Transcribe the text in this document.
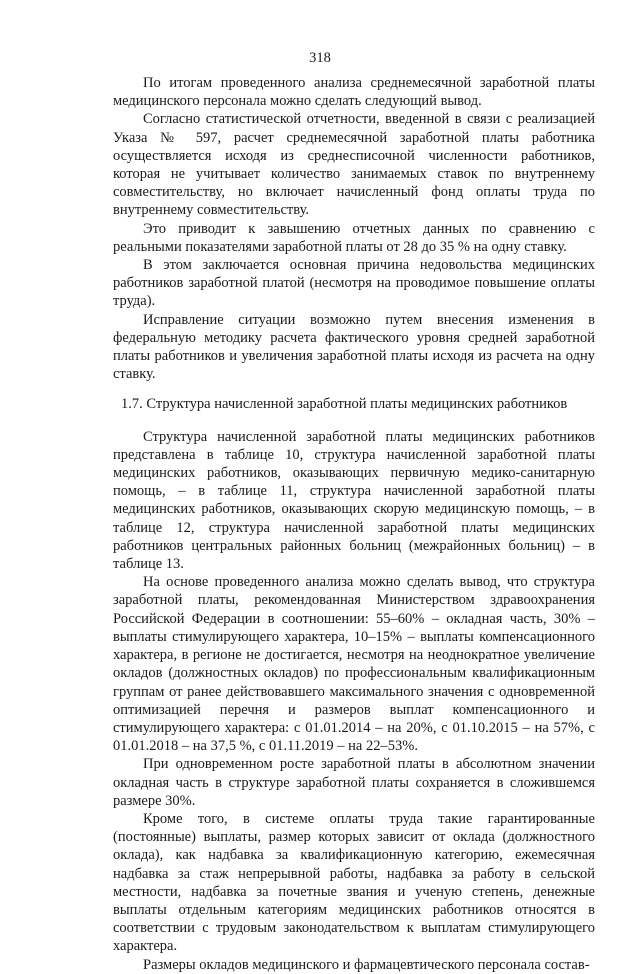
318

По итогам проведенного анализа среднемесячной заработной платы медицинского персонала можно сделать следующий вывод.

Согласно статистической отчетности, введенной в связи с реализацией Указа № 597, расчет среднемесячной заработной платы работника осуществляется исходя из среднесписочной численности работников, которая не учитывает количество занимаемых ставок по внутреннему совместительству, но включает начисленный фонд оплаты труда по внутреннему совместительству.

Это приводит к завышению отчетных данных по сравнению с реальными показателями заработной платы от 28 до 35 % на одну ставку.

В этом заключается основная причина недовольства медицинских работников заработной платой (несмотря на проводимое повышение оплаты труда).

Исправление ситуации возможно путем внесения изменения в федеральную методику расчета фактического уровня средней заработной платы работников и увеличения заработной платы исходя из расчета на одну ставку.

1.7. Структура начисленной заработной платы медицинских работников

Структура начисленной заработной платы медицинских работников представлена в таблице 10, структура начисленной заработной платы медицинских работников, оказывающих первичную медико-санитарную помощь, – в таблице 11, структура начисленной заработной платы медицинских работников, оказывающих скорую медицинскую помощь, – в таблице 12, структура начисленной заработной платы медицинских работников центральных районных больниц (межрайонных больниц) – в таблице 13.

На основе проведенного анализа можно сделать вывод, что структура заработной платы, рекомендованная Министерством здравоохранения Российской Федерации в соотношении: 55–60% – окладная часть, 30% – выплаты стимулирующего характера, 10–15% – выплаты компенсационного характера, в регионе не достигается, несмотря на неоднократное увеличение окладов (должностных окладов) по профессиональным квалификационным группам от ранее действовавшего максимального значения с одновременной оптимизацией перечня и размеров выплат компенсационного и стимулирующего характера: с 01.01.2014 – на 20%, с 01.10.2015 – на 57%, с 01.01.2018 – на 37,5 %, с 01.11.2019 – на 22–53%.

При одновременном росте заработной платы в абсолютном значении окладная часть в структуре заработной платы сохраняется в сложившемся размере 30%.

Кроме того, в системе оплаты труда такие гарантированные (постоянные) выплаты, размер которых зависит от оклада (должностного оклада), как надбавка за квалификационную категорию, ежемесячная надбавка за стаж непрерывной работы, надбавка за работу в сельской местности, надбавка за почетные звания и ученую степень, денежные выплаты отдельным категориям медицинских работников относятся в соответствии с трудовым законодательством к выплатам стимулирующего характера.

Размеры окладов медицинского и фармацевтического персонала состав-
